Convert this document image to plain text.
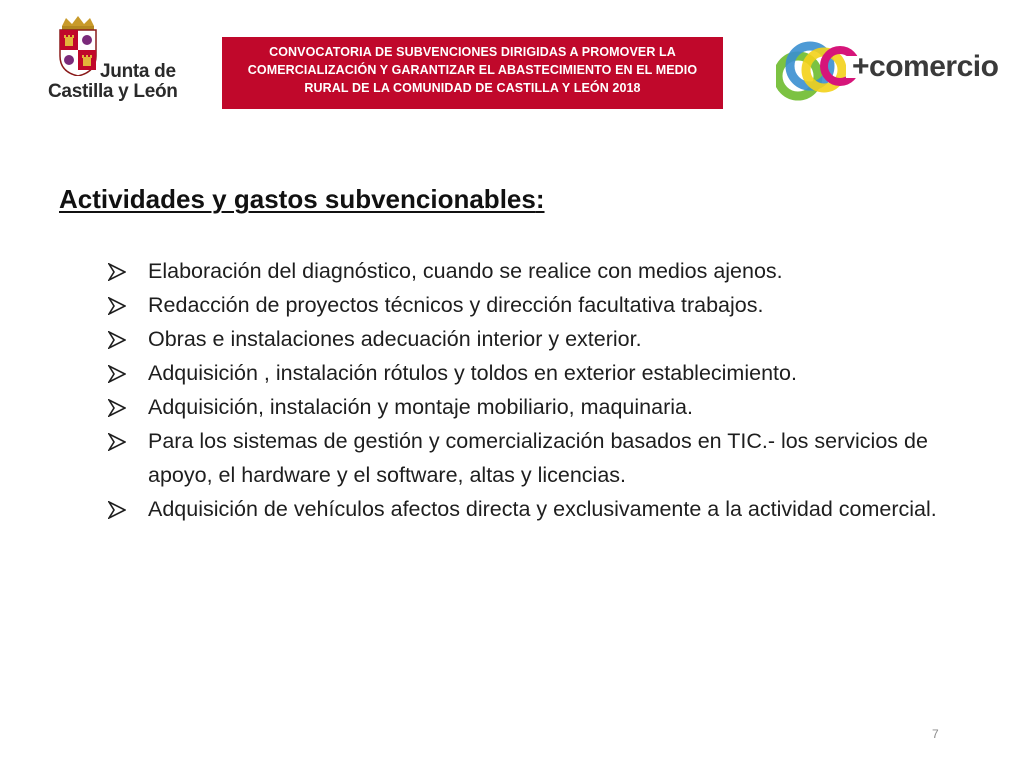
Junta de
Castilla y León
CONVOCATORIA DE SUBVENCIONES DIRIGIDAS A PROMOVER LA COMERCIALIZACIÓN Y GARANTIZAR EL ABASTECIMIENTO EN EL MEDIO RURAL DE LA COMUNIDAD DE CASTILLA Y LEÓN 2018
+comercio
Actividades y gastos subvencionables:
Elaboración del diagnóstico, cuando se realice con medios ajenos.
Redacción de proyectos técnicos y dirección facultativa trabajos.
Obras e instalaciones adecuación interior y exterior.
Adquisición , instalación rótulos y toldos en exterior establecimiento.
Adquisición, instalación y montaje mobiliario, maquinaria.
Para los sistemas de gestión y comercialización basados en TIC.- los servicios de apoyo, el hardware y el software, altas y licencias.
Adquisición de vehículos afectos directa y exclusivamente a la actividad comercial.
7
